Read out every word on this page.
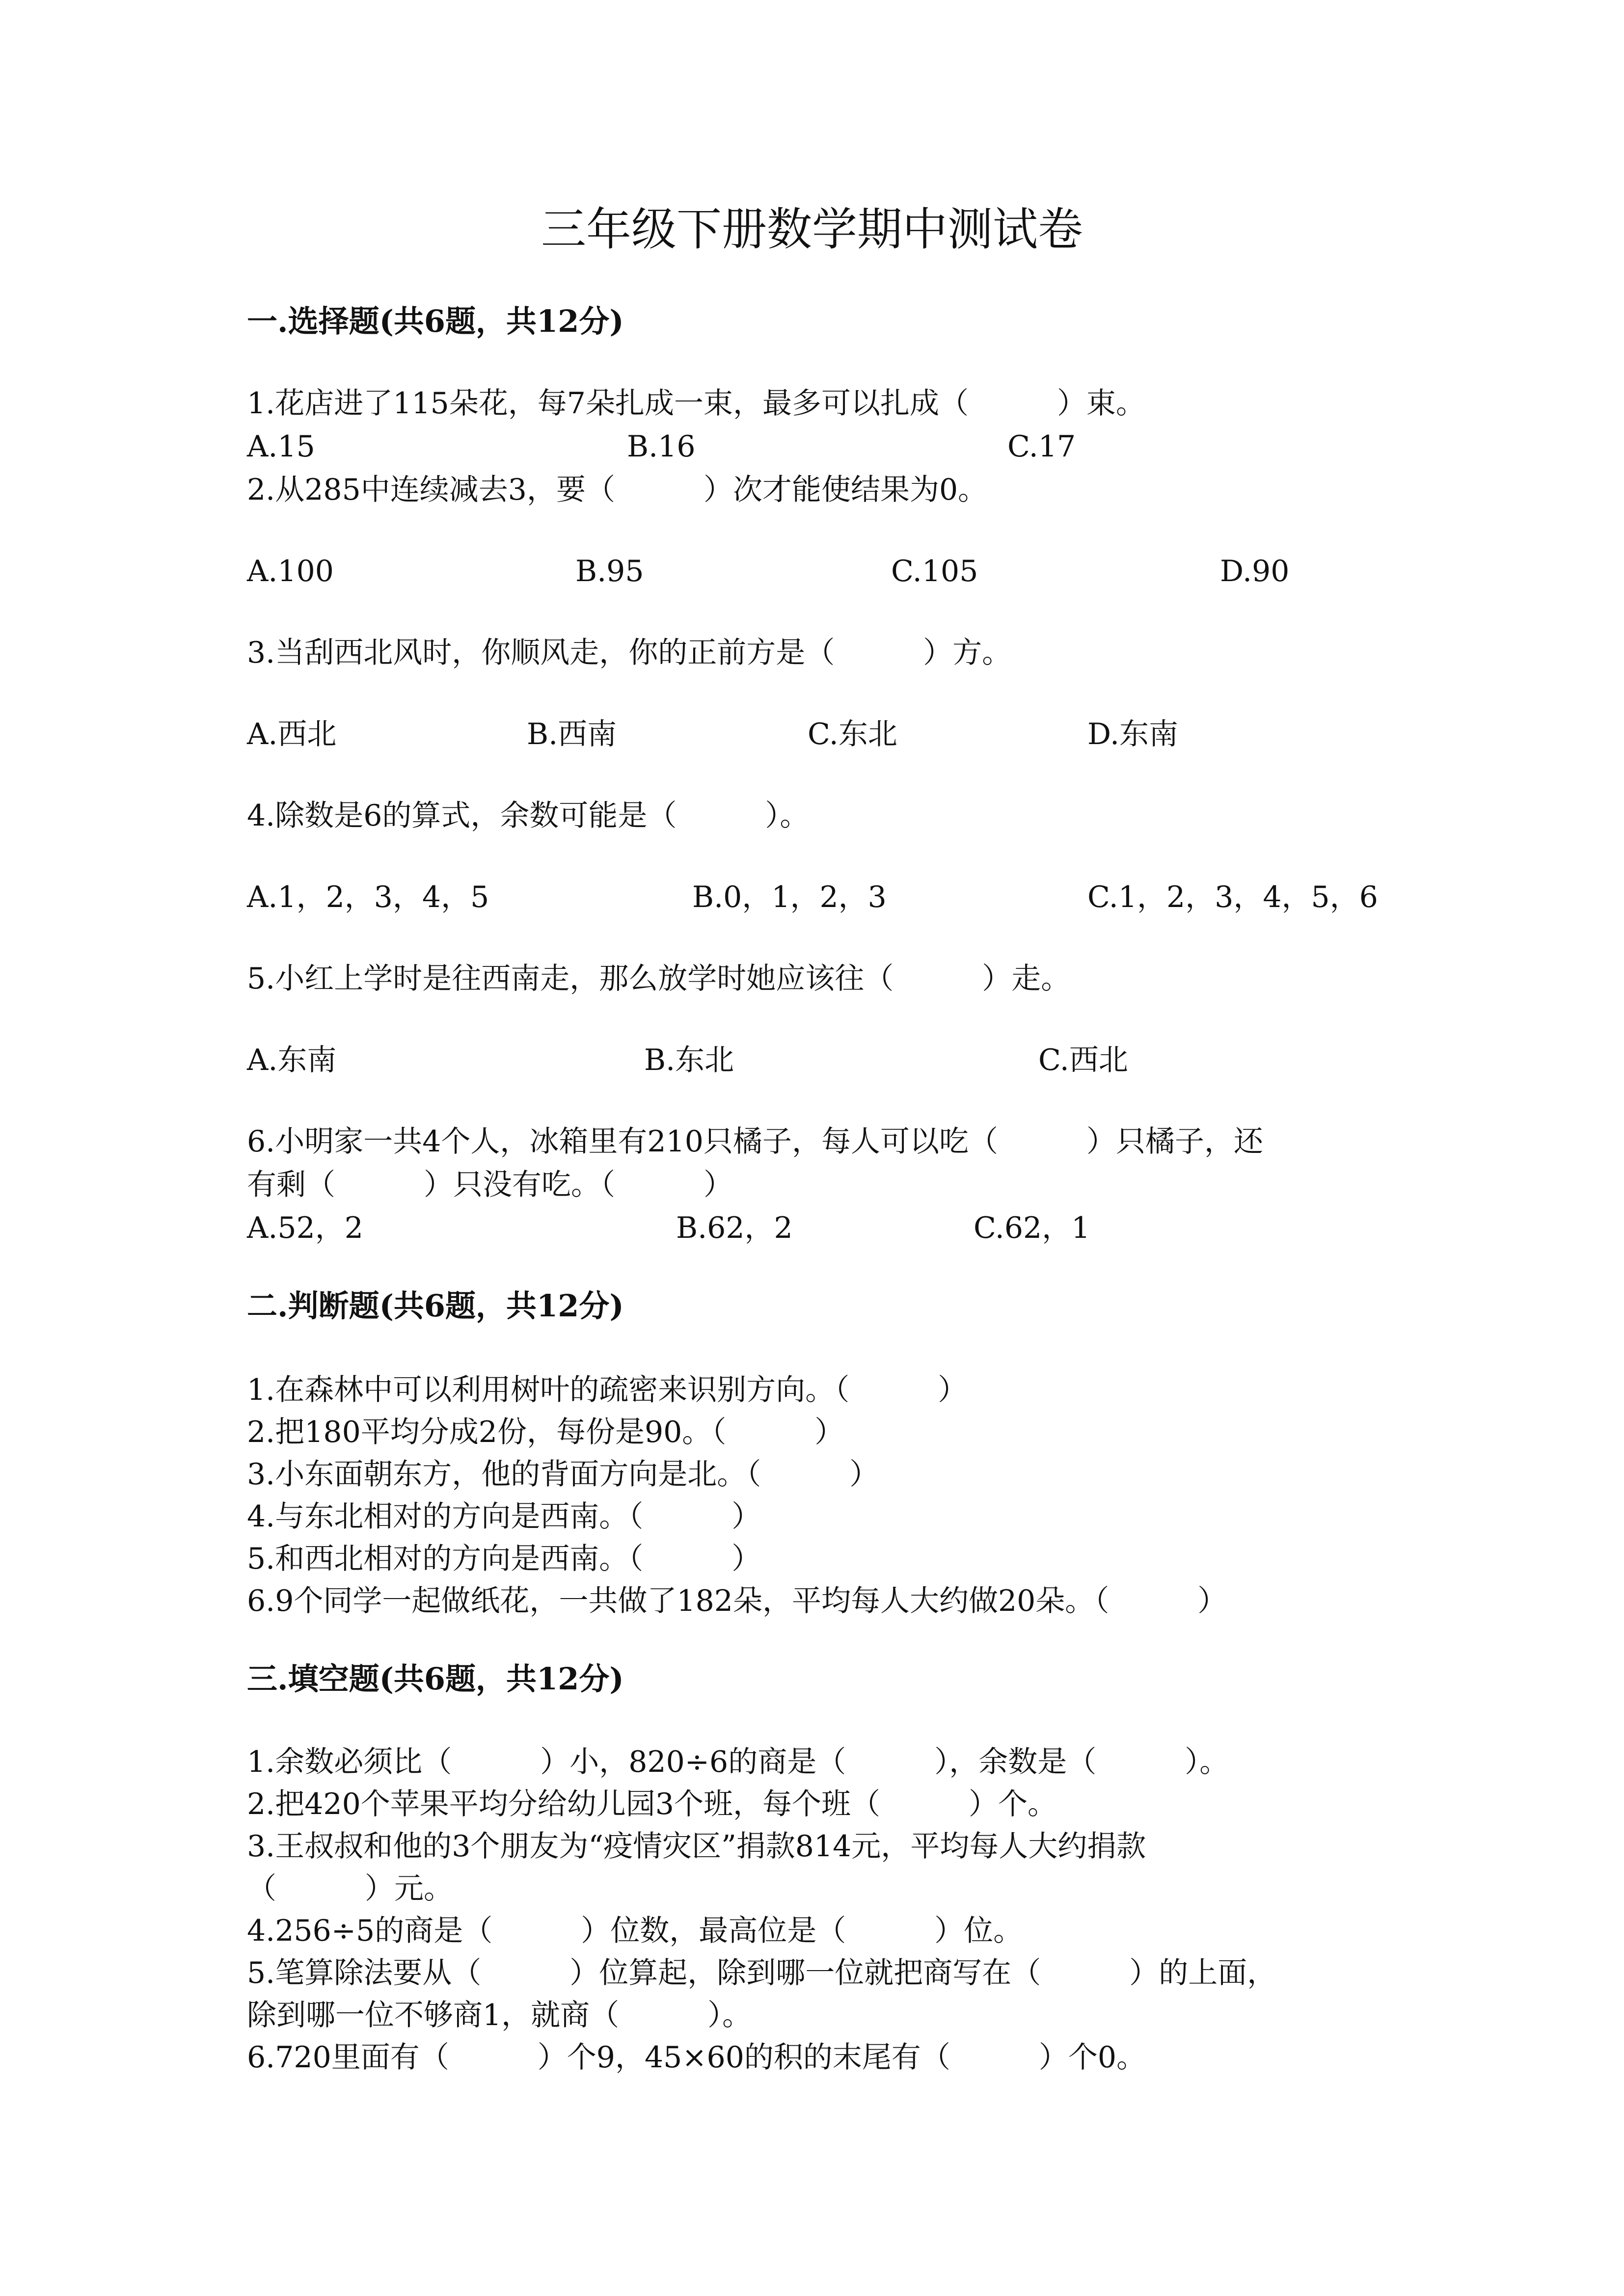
三年级下册数学期中测试卷
一.选择题(共6题，共12分)
1.花店进了115朵花，每7朵扎成一束，最多可以扎成（　　　）束。
A.15	B.16	C.17
2.从285中连续减去3，要（　　　）次才能使结果为0。
A.100	B.95	C.105	D.90
3.当刮西北风时，你顺风走，你的正前方是（　　　）方。
A.西北	B.西南	C.东北	D.东南
4.除数是6的算式，余数可能是（　　　）。
A.1，2，3，4，5	B.0，1，2，3	C.1，2，3，4，5，6
5.小红上学时是往西南走，那么放学时她应该往（　　　）走。
A.东南	B.东北	C.西北
6.小明家一共4个人，冰箱里有210只橘子，每人可以吃（　　　）只橘子，还
有剩（　　　）只没有吃。（　　　）
A.52，2	B.62，2	C.62，1
二.判断题(共6题，共12分)
1.在森林中可以利用树叶的疏密来识别方向。（　　　）
2.把180平均分成2份，每份是90。（　　　）
3.小东面朝东方，他的背面方向是北。（　　　）
4.与东北相对的方向是西南。（　　　）
5.和西北相对的方向是西南。（　　　）
6.9个同学一起做纸花，一共做了182朵，平均每人大约做20朵。（　　　）
三.填空题(共6题，共12分)
1.余数必须比（　　　）小，820÷6的商是（　　　），余数是（　　　）。
2.把420个苹果平均分给幼儿园3个班，每个班（　　　）个。
3.王叔叔和他的3个朋友为“疫情灾区”捐款814元，平均每人大约捐款
（　　　）元。
4.256÷5的商是（　　　）位数，最高位是（　　　）位。
5.笔算除法要从（　　　）位算起，除到哪一位就把商写在（　　　）的上面，
除到哪一位不够商1，就商（　　　）。
6.720里面有（　　　）个9，45×60的积的末尾有（　　　）个0。
